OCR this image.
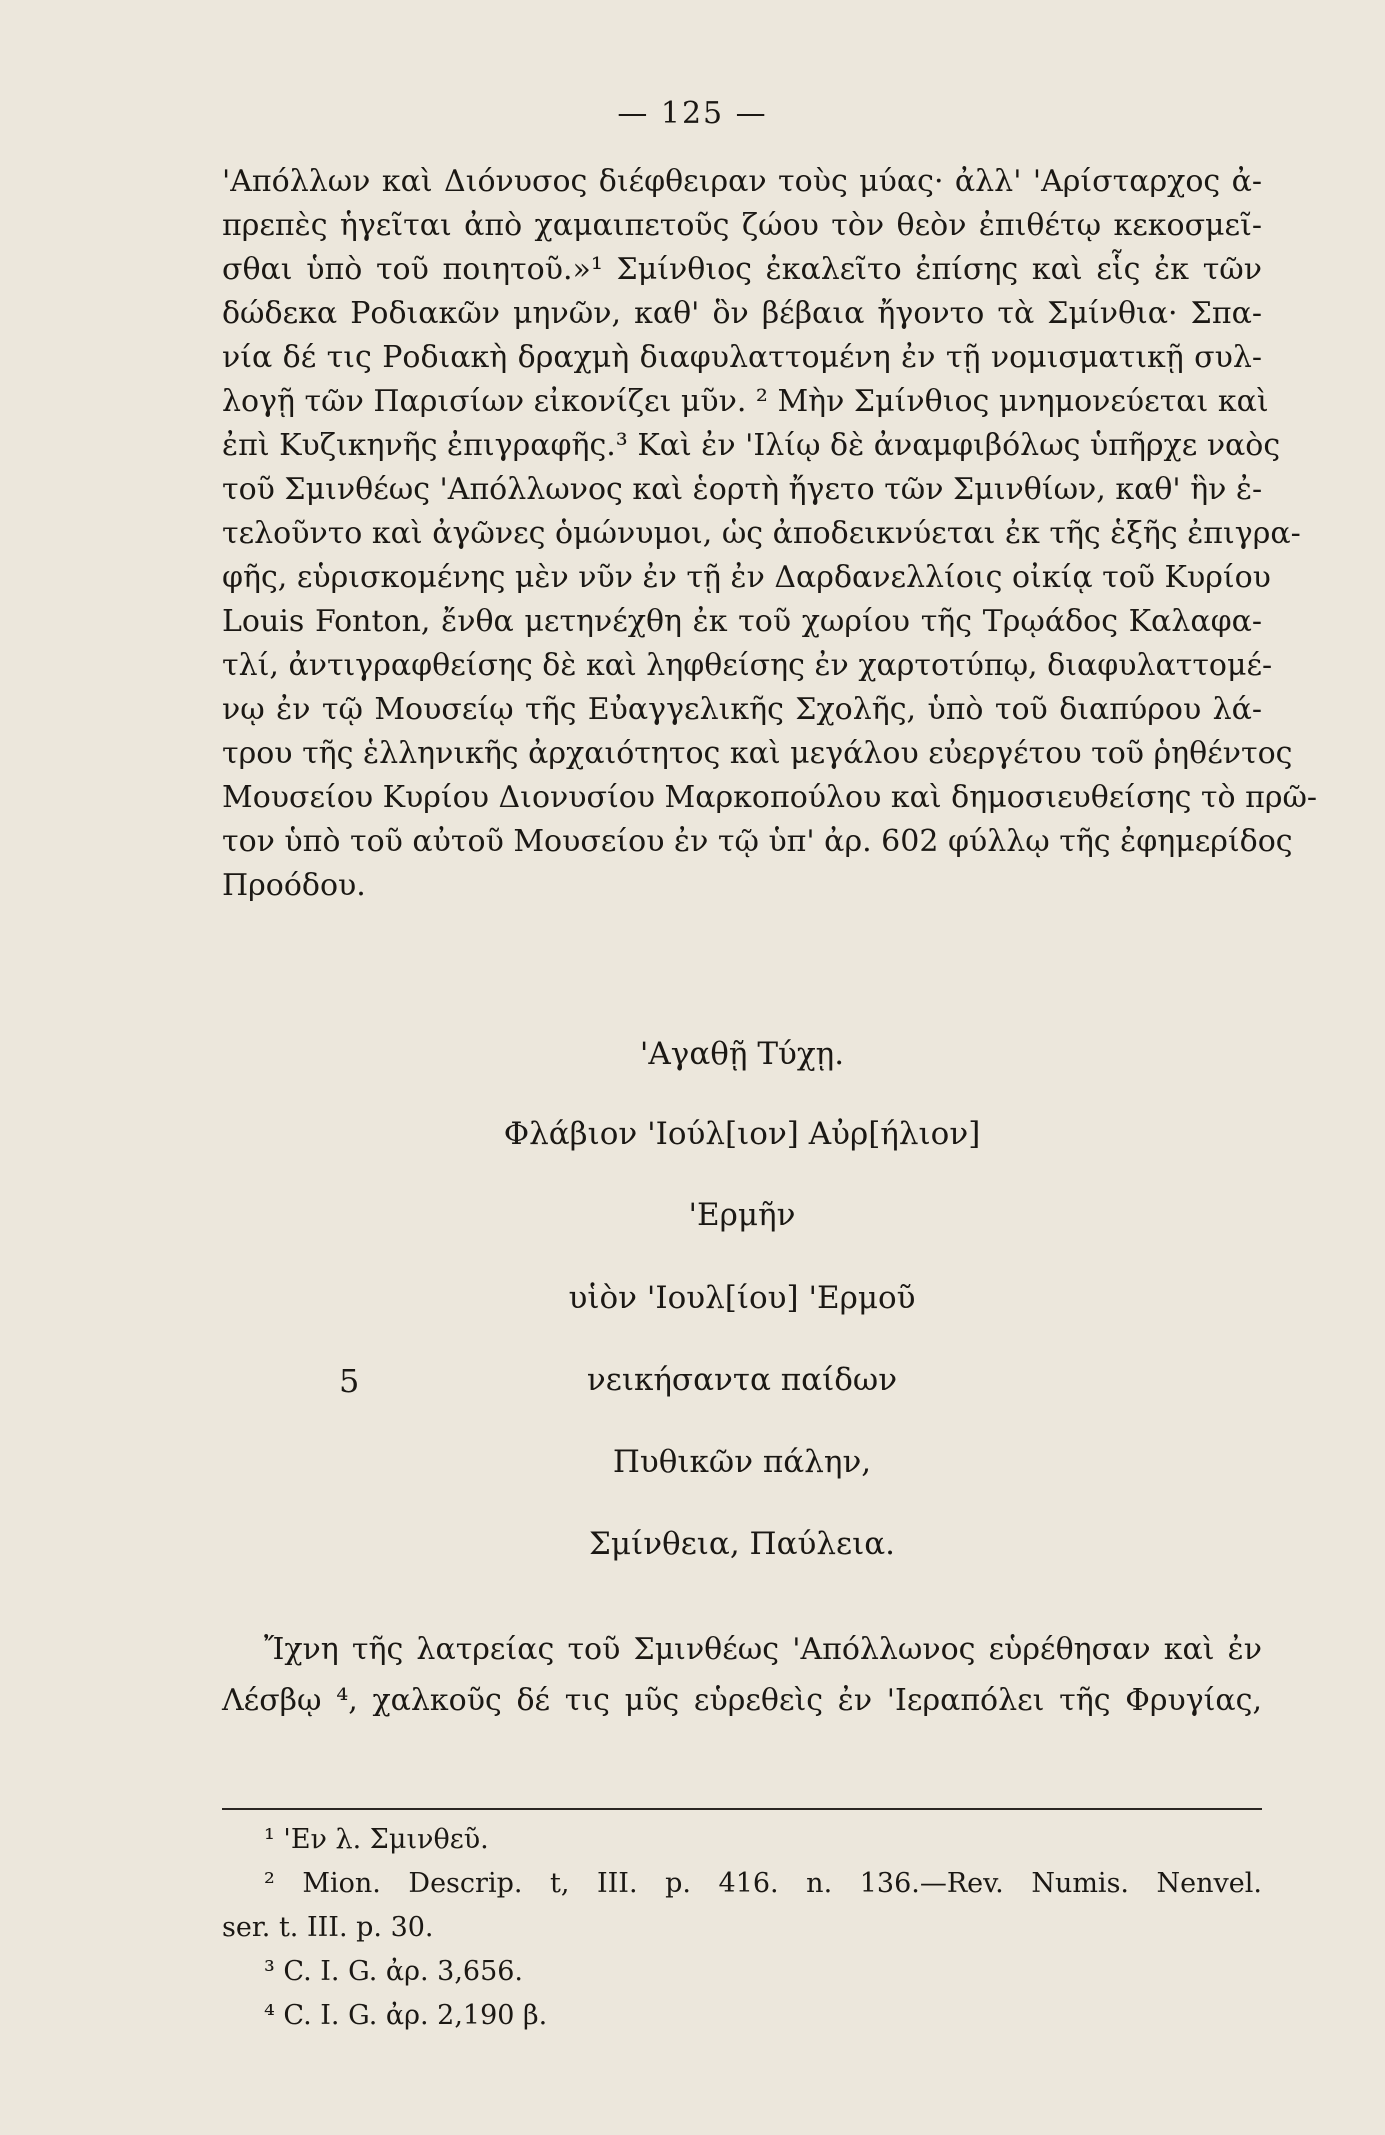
— 125 —
'Απόλλων καὶ Διόνυσος διέφθειραν τοὺς μύας· ἀλλ' 'Αρίσταρχος ἀ-
πρεπὲς ἡγεῖται ἀπὸ χαμαιπετοῦς ζώου τὸν θεὸν ἐπιθέτῳ κεκοσμεῖ-
σθαι ὑπὸ τοῦ ποιητοῦ.»¹ Σμίνθιος ἐκαλεῖτο ἐπίσης καὶ εἷς ἐκ τῶν
δώδεκα Ροδιακῶν μηνῶν, καθ' ὃν βέβαια ἤγοντο τὰ Σμίνθια· Σπα-
νία δέ τις Ροδιακὴ δραχμὴ διαφυλαττομένη ἐν τῇ νομισματικῇ συλ-
λογῇ τῶν Παρισίων εἰκονίζει μῦν. ² Μὴν Σμίνθιος μνημονεύεται καὶ
ἐπὶ Κυζικηνῆς ἐπιγραφῆς.³ Καὶ ἐν 'Ιλίῳ δὲ ἀναμφιβόλως ὑπῆρχε ναὸς
τοῦ Σμινθέως 'Απόλλωνος καὶ ἑορτὴ ἤγετο τῶν Σμινθίων, καθ' ἣν ἐ-
τελοῦντο καὶ ἀγῶνες ὁμώνυμοι, ὡς ἀποδεικνύεται ἐκ τῆς ἑξῆς ἐπιγρα-
φῆς, εὑρισκομένης μὲν νῦν ἐν τῇ ἐν Δαρδανελλίοις οἰκίᾳ τοῦ Κυρίου
Louis Fonton, ἔνθα μετηνέχθη ἐκ τοῦ χωρίου τῆς Τρῳάδος Καλαφα-
τλί, ἀντιγραφθείσης δὲ καὶ ληφθείσης ἐν χαρτοτύπῳ, διαφυλαττομέ-
νῳ ἐν τῷ Μουσείῳ τῆς Εὐαγγελικῆς Σχολῆς, ὑπὸ τοῦ διαπύρου λά-
τρου τῆς ἑλληνικῆς ἀρχαιότητος καὶ μεγάλου εὐεργέτου τοῦ ῥηθέντος
Μουσείου Κυρίου Διονυσίου Μαρκοπούλου καὶ δημοσιευθείσης τὸ πρῶ-
τον ὑπὸ τοῦ αὐτοῦ Μουσείου ἐν τῷ ὑπ' ἀρ. 602 φύλλῳ τῆς ἐφημερίδος
Προόδου.
'Αγαθῇ Τύχῃ.
Φλάβιον 'Ιούλ[ιον] Αὐρ[ήλιον]
'Ερμῆν
υἱὸν 'Ιουλ[ίου] 'Ερμοῦ
5	νεικήσαντα παίδων
Πυθικῶν πάλην,
Σμίνθεια, Παύλεια.
Ἴχνη τῆς λατρείας τοῦ Σμινθέως 'Απόλλωνος εὑρέθησαν καὶ ἐν
Λέσβῳ ⁴, χαλκοῦς δέ τις μῦς εὑρεθεὶς ἐν 'Ιεραπόλει τῆς Φρυγίας,
¹ 'Εν λ. Σμινθεῦ.
² Mion. Descrip. t, III. p. 416. n. 136.—Rev. Numis. Nenvel.
ser. t. III. p. 30.
³ C. I. G. ἀρ. 3,656.
⁴ C. I. G. ἀρ. 2,190 β.
